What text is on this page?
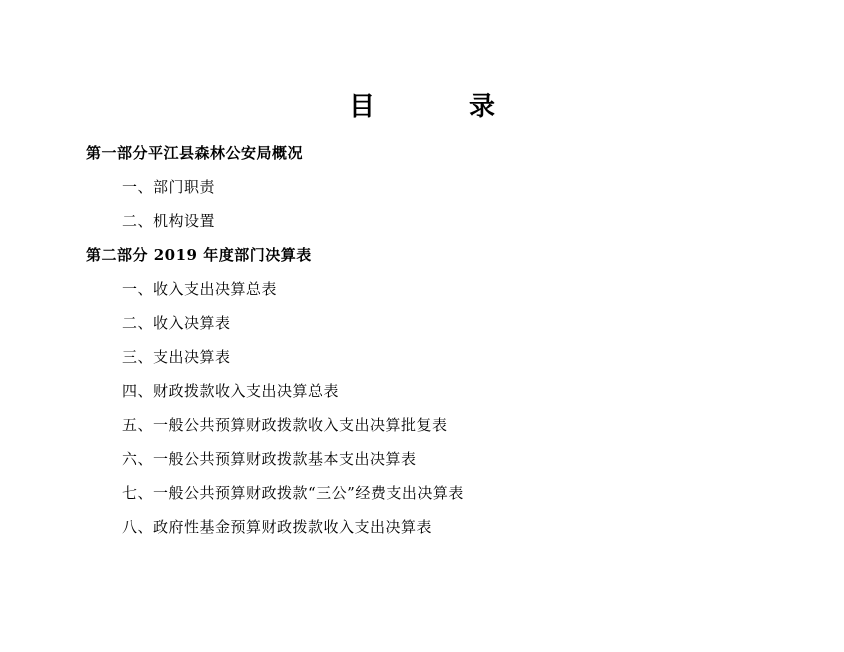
目　　录
第一部分平江县森林公安局概况
一、部门职责
二、机构设置
第二部分 2019 年度部门决算表
一、收入支出决算总表
二、收入决算表
三、支出决算表
四、财政拨款收入支出决算总表
五、一般公共预算财政拨款收入支出决算批复表
六、一般公共预算财政拨款基本支出决算表
七、一般公共预算财政拨款“三公”经费支出决算表
八、政府性基金预算财政拨款收入支出决算表
